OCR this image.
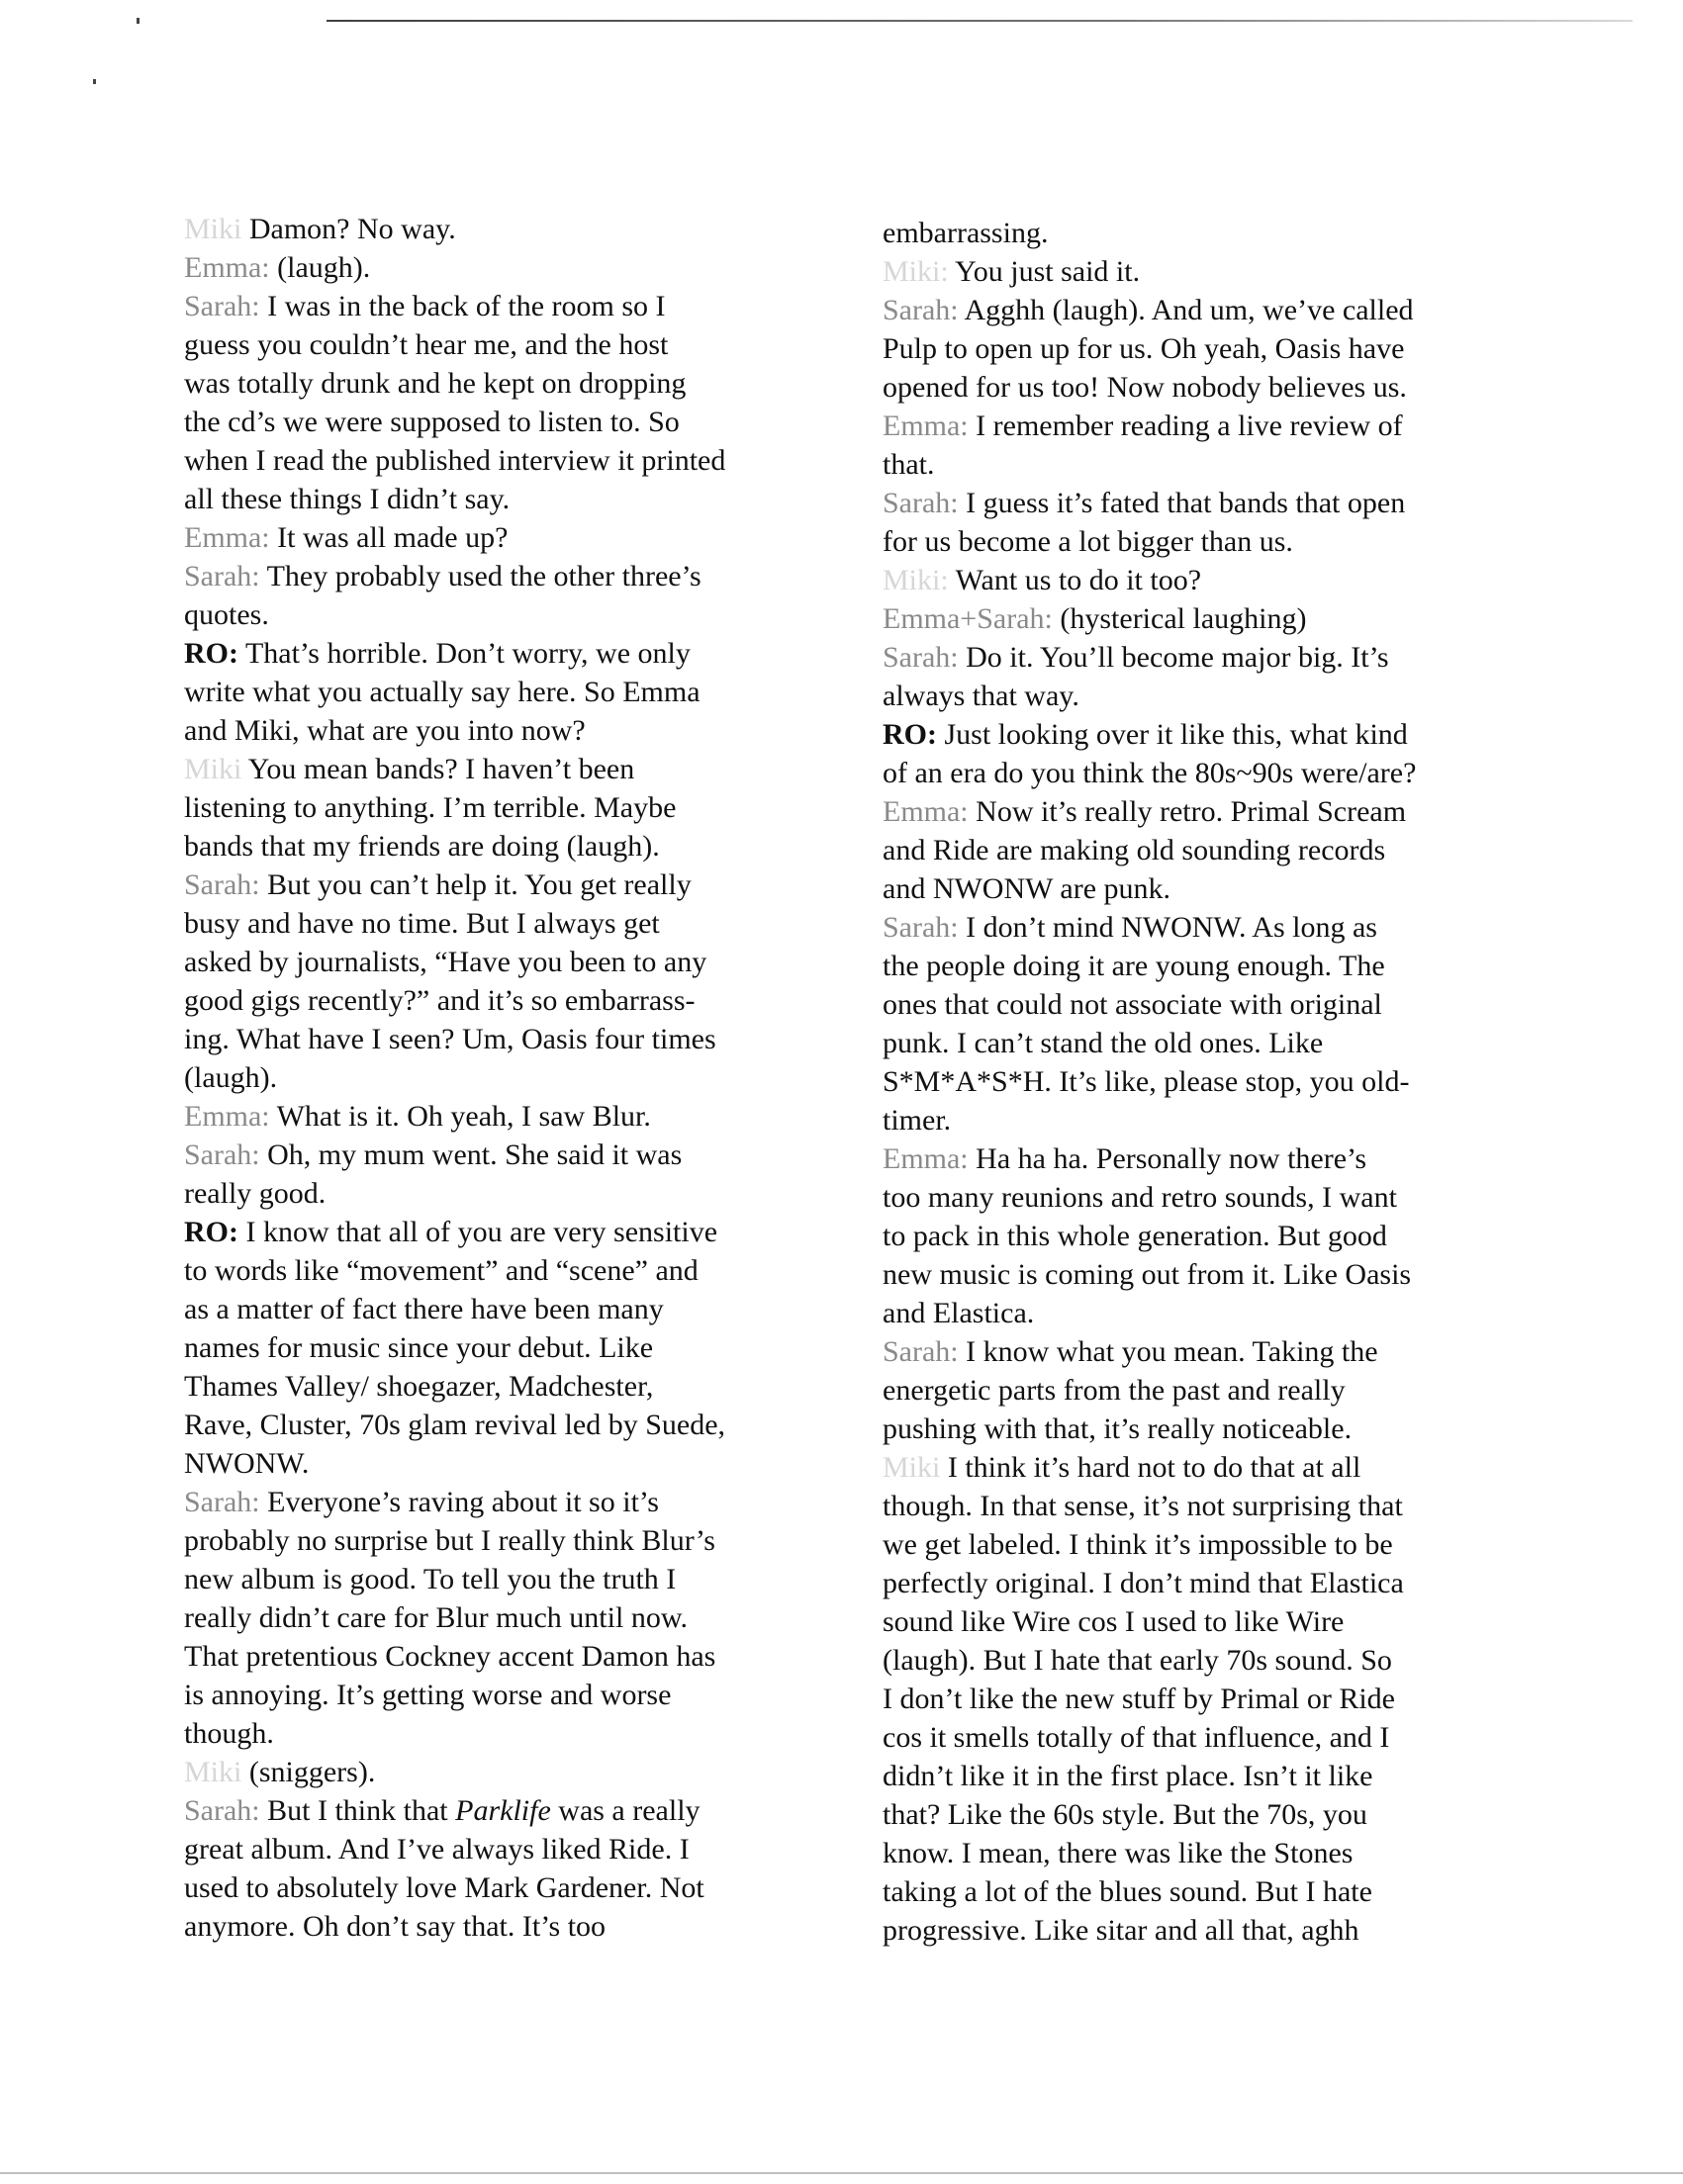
Miki Damon? No way.
Emma: (laugh).
Sarah: I was in the back of the room so I
guess you couldn’t hear me, and the host
was totally drunk and he kept on dropping
the cd’s we were supposed to listen to. So
when I read the published interview it printed
all these things I didn’t say.
Emma: It was all made up?
Sarah: They probably used the other three’s
quotes.
RO: That’s horrible. Don’t worry, we only
write what you actually say here. So Emma
and Miki, what are you into now?
Miki You mean bands? I haven’t been
listening to anything. I’m terrible. Maybe
bands that my friends are doing (laugh).
Sarah: But you can’t help it. You get really
busy and have no time. But I always get
asked by journalists, “Have you been to any
good gigs recently?” and it’s so embarrass-
ing. What have I seen? Um, Oasis four times
(laugh).
Emma: What is it. Oh yeah, I saw Blur.
Sarah: Oh, my mum went. She said it was
really good.
RO: I know that all of you are very sensitive
to words like “movement” and “scene” and
as a matter of fact there have been many
names for music since your debut. Like
Thames Valley/ shoegazer, Madchester,
Rave, Cluster, 70s glam revival led by Suede,
NWONW.
Sarah: Everyone’s raving about it so it’s
probably no surprise but I really think Blur’s
new album is good. To tell you the truth I
really didn’t care for Blur much until now.
That pretentious Cockney accent Damon has
is annoying. It’s getting worse and worse
though.
Miki (sniggers).
Sarah: But I think that Parklife was a really
great album. And I’ve always liked Ride. I
used to absolutely love Mark Gardener. Not
anymore. Oh don’t say that. It’s too
embarrassing.
Miki: You just said it.
Sarah: Agghh (laugh). And um, we’ve called
Pulp to open up for us. Oh yeah, Oasis have
opened for us too! Now nobody believes us.
Emma: I remember reading a live review of
that.
Sarah: I guess it’s fated that bands that open
for us become a lot bigger than us.
Miki: Want us to do it too?
Emma+Sarah: (hysterical laughing)
Sarah: Do it. You’ll become major big. It’s
always that way.
RO: Just looking over it like this, what kind
of an era do you think the 80s~90s were/are?
Emma: Now it’s really retro. Primal Scream
and Ride are making old sounding records
and NWONW are punk.
Sarah: I don’t mind NWONW. As long as
the people doing it are young enough. The
ones that could not associate with original
punk. I can’t stand the old ones. Like
S*M*A*S*H. It’s like, please stop, you old-
timer.
Emma: Ha ha ha. Personally now there’s
too many reunions and retro sounds, I want
to pack in this whole generation. But good
new music is coming out from it. Like Oasis
and Elastica.
Sarah: I know what you mean. Taking the
energetic parts from the past and really
pushing with that, it’s really noticeable.
Miki I think it’s hard not to do that at all
though. In that sense, it’s not surprising that
we get labeled. I think it’s impossible to be
perfectly original. I don’t mind that Elastica
sound like Wire cos I used to like Wire
(laugh). But I hate that early 70s sound. So
I don’t like the new stuff by Primal or Ride
cos it smells totally of that influence, and I
didn’t like it in the first place. Isn’t it like
that? Like the 60s style. But the 70s, you
know. I mean, there was like the Stones
taking a lot of the blues sound. But I hate
progressive. Like sitar and all that, aghh
